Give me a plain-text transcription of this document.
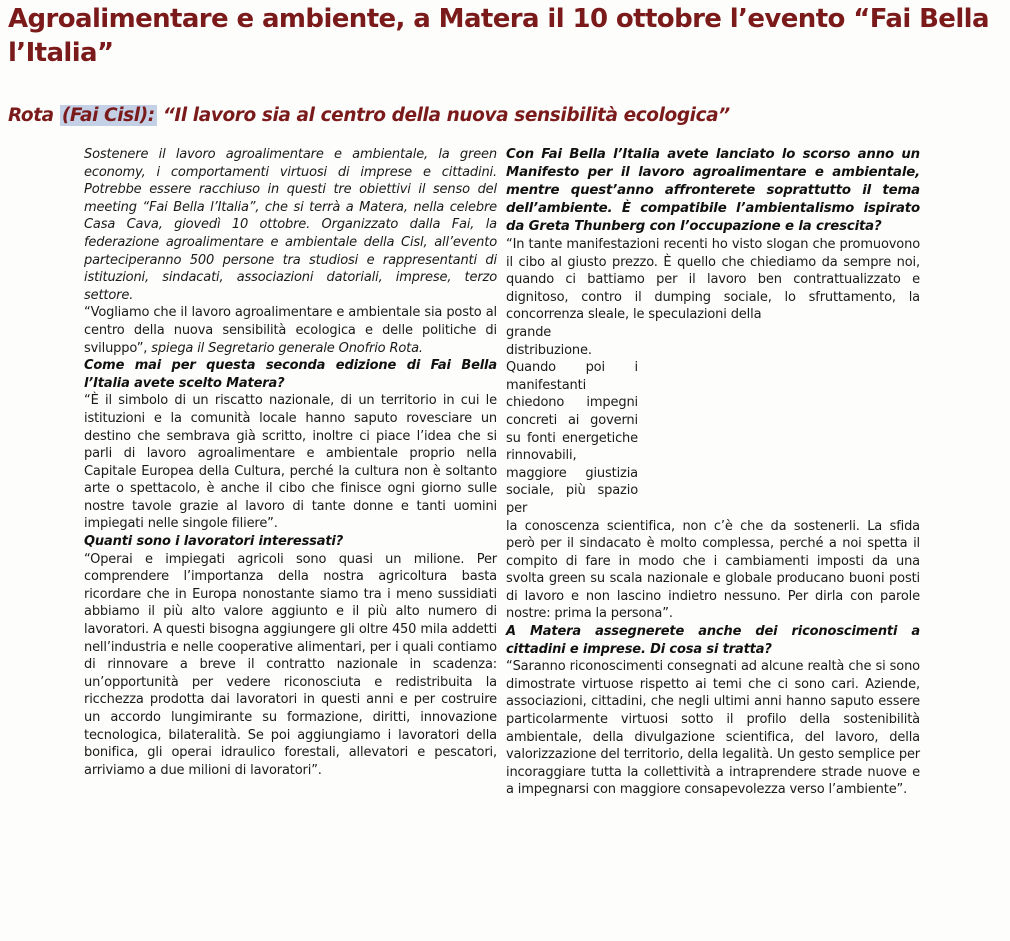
Agroalimentare e ambiente, a Matera il 10 ottobre l’evento “Fai Bella l’Italia”
Rota (Fai Cisl): “Il lavoro sia al centro della nuova sensibilità ecologica”

Sostenere il lavoro agroalimentare e ambientale, la green economy, i comportamenti virtuosi di imprese e cittadini. Potrebbe essere racchiuso in questi tre obiettivi il senso del meeting “Fai Bella l’Italia”, che si terrà a Matera, nella celebre Casa Cava, giovedì 10 ottobre. Organizzato dalla Fai, la federazione agroalimentare e ambientale della Cisl, all’evento parteciperanno 500 persone tra studiosi e rappresentanti di istituzioni, sindacati, associazioni datoriali, imprese, terzo settore.

“Vogliamo che il lavoro agroalimentare e ambientale sia posto al centro della nuova sensibilità ecologica e delle politiche di sviluppo”, spiega il Segretario generale Onofrio Rota.

Come mai per questa seconda edizione di Fai Bella l’Italia avete scelto Matera?

“È il simbolo di un riscatto nazionale, di un territorio in cui le istituzioni e la comunità locale hanno saputo rovesciare un destino che sembrava già scritto, inoltre ci piace l’idea che si parli di lavoro agroalimentare e ambientale proprio nella Capitale Europea della Cultura, perché la cultura non è soltanto arte o spettacolo, è anche il cibo che finisce ogni giorno sulle nostre tavole grazie al lavoro di tante donne e tanti uomini impiegati nelle singole filiere”.

Quanti sono i lavoratori interessati?

“Operai e impiegati agricoli sono quasi un milione. Per comprendere l’importanza della nostra agricoltura basta ricordare che in Europa nonostante siamo tra i meno sussidiati abbiamo il più alto valore aggiunto e il più alto numero di lavoratori. A questi bisogna aggiungere gli oltre 450 mila addetti nell’industria e nelle cooperative alimentari, per i quali contiamo di rinnovare a breve il contratto nazionale in scadenza: un’opportunità per vedere riconosciuta e redistribuita la ricchezza prodotta dai lavoratori in questi anni e per costruire un accordo lungimirante su formazione, diritti, innovazione tecnologica, bilateralità. Se poi aggiungiamo i lavoratori della bonifica, gli operai idraulico forestali, allevatori e pescatori, arriviamo a due milioni di lavoratori”.

Con Fai Bella l’Italia avete lanciato lo scorso anno un Manifesto per il lavoro agroalimentare e ambientale, mentre quest’anno affronterete soprattutto il tema dell’ambiente. È compatibile l’ambientalismo ispirato da Greta Thunberg con l’occupazione e la crescita?

“In tante manifestazioni recenti ho visto slogan che promuovono il cibo al giusto prezzo. È quello che chiediamo da sempre noi, quando ci battiamo per il lavoro ben contrattualizzato e dignitoso, contro il dumping sociale, lo sfruttamento, la concorrenza sleale, le speculazioni della

grande distribuzione. Quando poi i manifestanti chiedono impegni concreti ai governi su fonti energetiche rinnovabili, maggiore giustizia sociale, più spazio per

la conoscenza scientifica, non c’è che da sostenerli. La sfida però per il sindacato è molto complessa, perché a noi spetta il compito di fare in modo che i cambiamenti imposti da una svolta green su scala nazionale e globale producano buoni posti di lavoro e non lascino indietro nessuno. Per dirla con parole nostre: prima la persona”.

A Matera assegnerete anche dei riconoscimenti a cittadini e imprese. Di cosa si tratta?

“Saranno riconoscimenti consegnati ad alcune realtà che si sono dimostrate virtuose rispetto ai temi che ci sono cari. Aziende, associazioni, cittadini, che negli ultimi anni hanno saputo essere particolarmente virtuosi sotto il profilo della sostenibilità ambientale, della divulgazione scientifica, del lavoro, della valorizzazione del territorio, della legalità. Un gesto semplice per incoraggiare tutta la collettività a intraprendere strade nuove e a impegnarsi con maggiore consapevolezza verso l’ambiente”.
